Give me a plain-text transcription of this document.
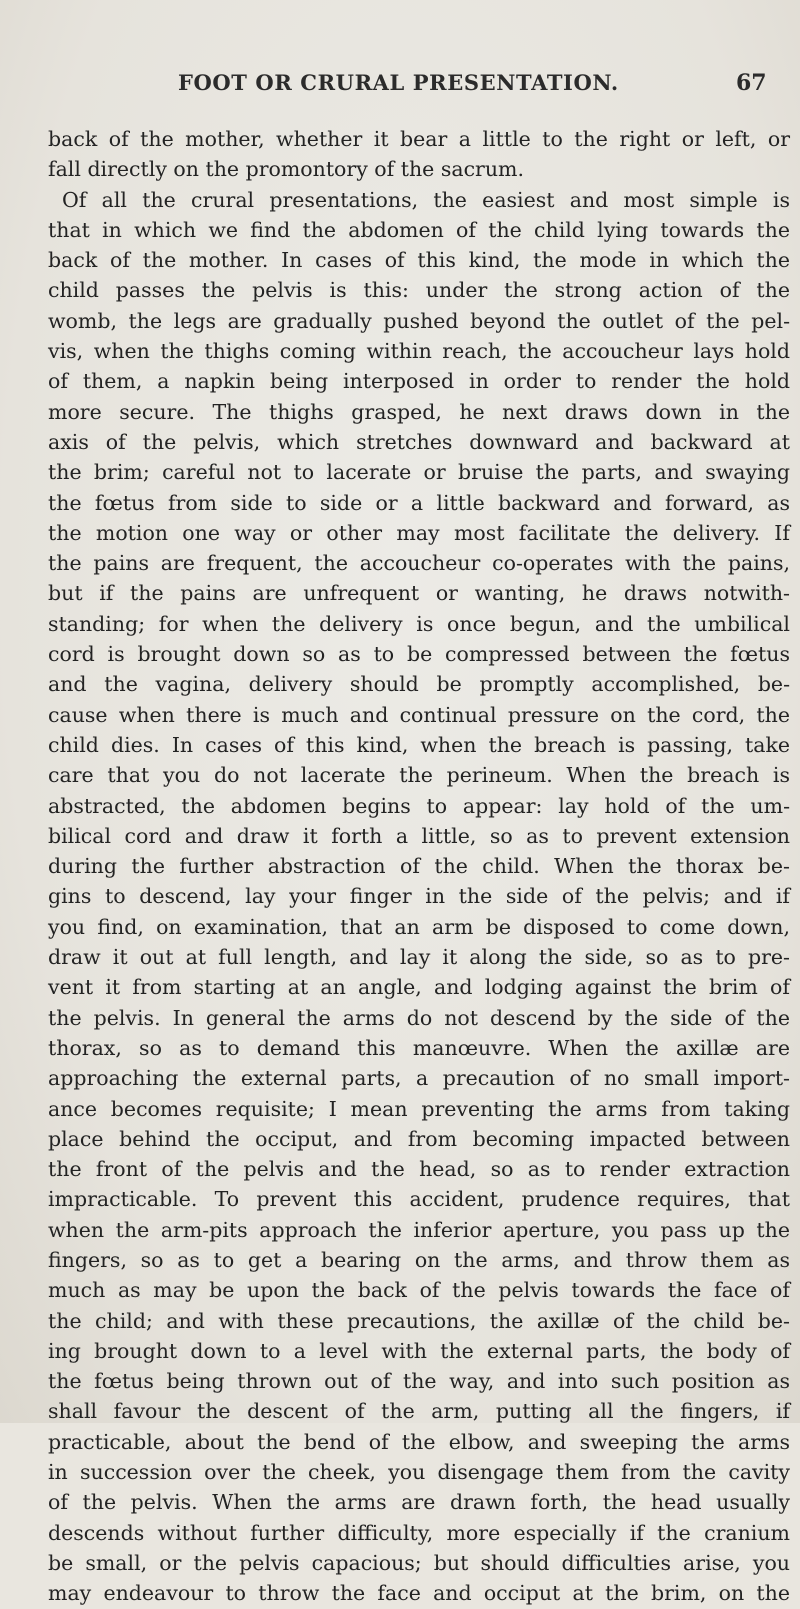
FOOT OR CRURAL PRESENTATION.	67
back of the mother, whether it bear a little to the right or left, or
fall directly on the promontory of the sacrum.
Of all the crural presentations, the easiest and most simple is
that in which we find the abdomen of the child lying towards the
back of the mother. In cases of this kind, the mode in which the
child passes the pelvis is this: under the strong action of the
womb, the legs are gradually pushed beyond the outlet of the pel-
vis, when the thighs coming within reach, the accoucheur lays hold
of them, a napkin being interposed in order to render the hold
more secure. The thighs grasped, he next draws down in the
axis of the pelvis, which stretches downward and backward at
the brim; careful not to lacerate or bruise the parts, and swaying
the fœtus from side to side or a little backward and forward, as
the motion one way or other may most facilitate the delivery. If
the pains are frequent, the accoucheur co-operates with the pains,
but if the pains are unfrequent or wanting, he draws notwith-
standing; for when the delivery is once begun, and the umbilical
cord is brought down so as to be compressed between the fœtus
and the vagina, delivery should be promptly accomplished, be-
cause when there is much and continual pressure on the cord, the
child dies. In cases of this kind, when the breach is passing, take
care that you do not lacerate the perineum. When the breach is
abstracted, the abdomen begins to appear: lay hold of the um-
bilical cord and draw it forth a little, so as to prevent extension
during the further abstraction of the child. When the thorax be-
gins to descend, lay your finger in the side of the pelvis; and if
you find, on examination, that an arm be disposed to come down,
draw it out at full length, and lay it along the side, so as to pre-
vent it from starting at an angle, and lodging against the brim of
the pelvis. In general the arms do not descend by the side of the
thorax, so as to demand this manœuvre. When the axillæ are
approaching the external parts, a precaution of no small import-
ance becomes requisite; I mean preventing the arms from taking
place behind the occiput, and from becoming impacted between
the front of the pelvis and the head, so as to render extraction
impracticable. To prevent this accident, prudence requires, that
when the arm-pits approach the inferior aperture, you pass up the
fingers, so as to get a bearing on the arms, and throw them as
much as may be upon the back of the pelvis towards the face of
the child; and with these precautions, the axillæ of the child be-
ing brought down to a level with the external parts, the body of
the fœtus being thrown out of the way, and into such position as
shall favour the descent of the arm, putting all the fingers, if
practicable, about the bend of the elbow, and sweeping the arms
in succession over the cheek, you disengage them from the cavity
of the pelvis. When the arms are drawn forth, the head usually
descends without further difficulty, more especially if the cranium
be small, or the pelvis capacious; but should difficulties arise, you
may endeavour to throw the face and occiput at the brim, on the
